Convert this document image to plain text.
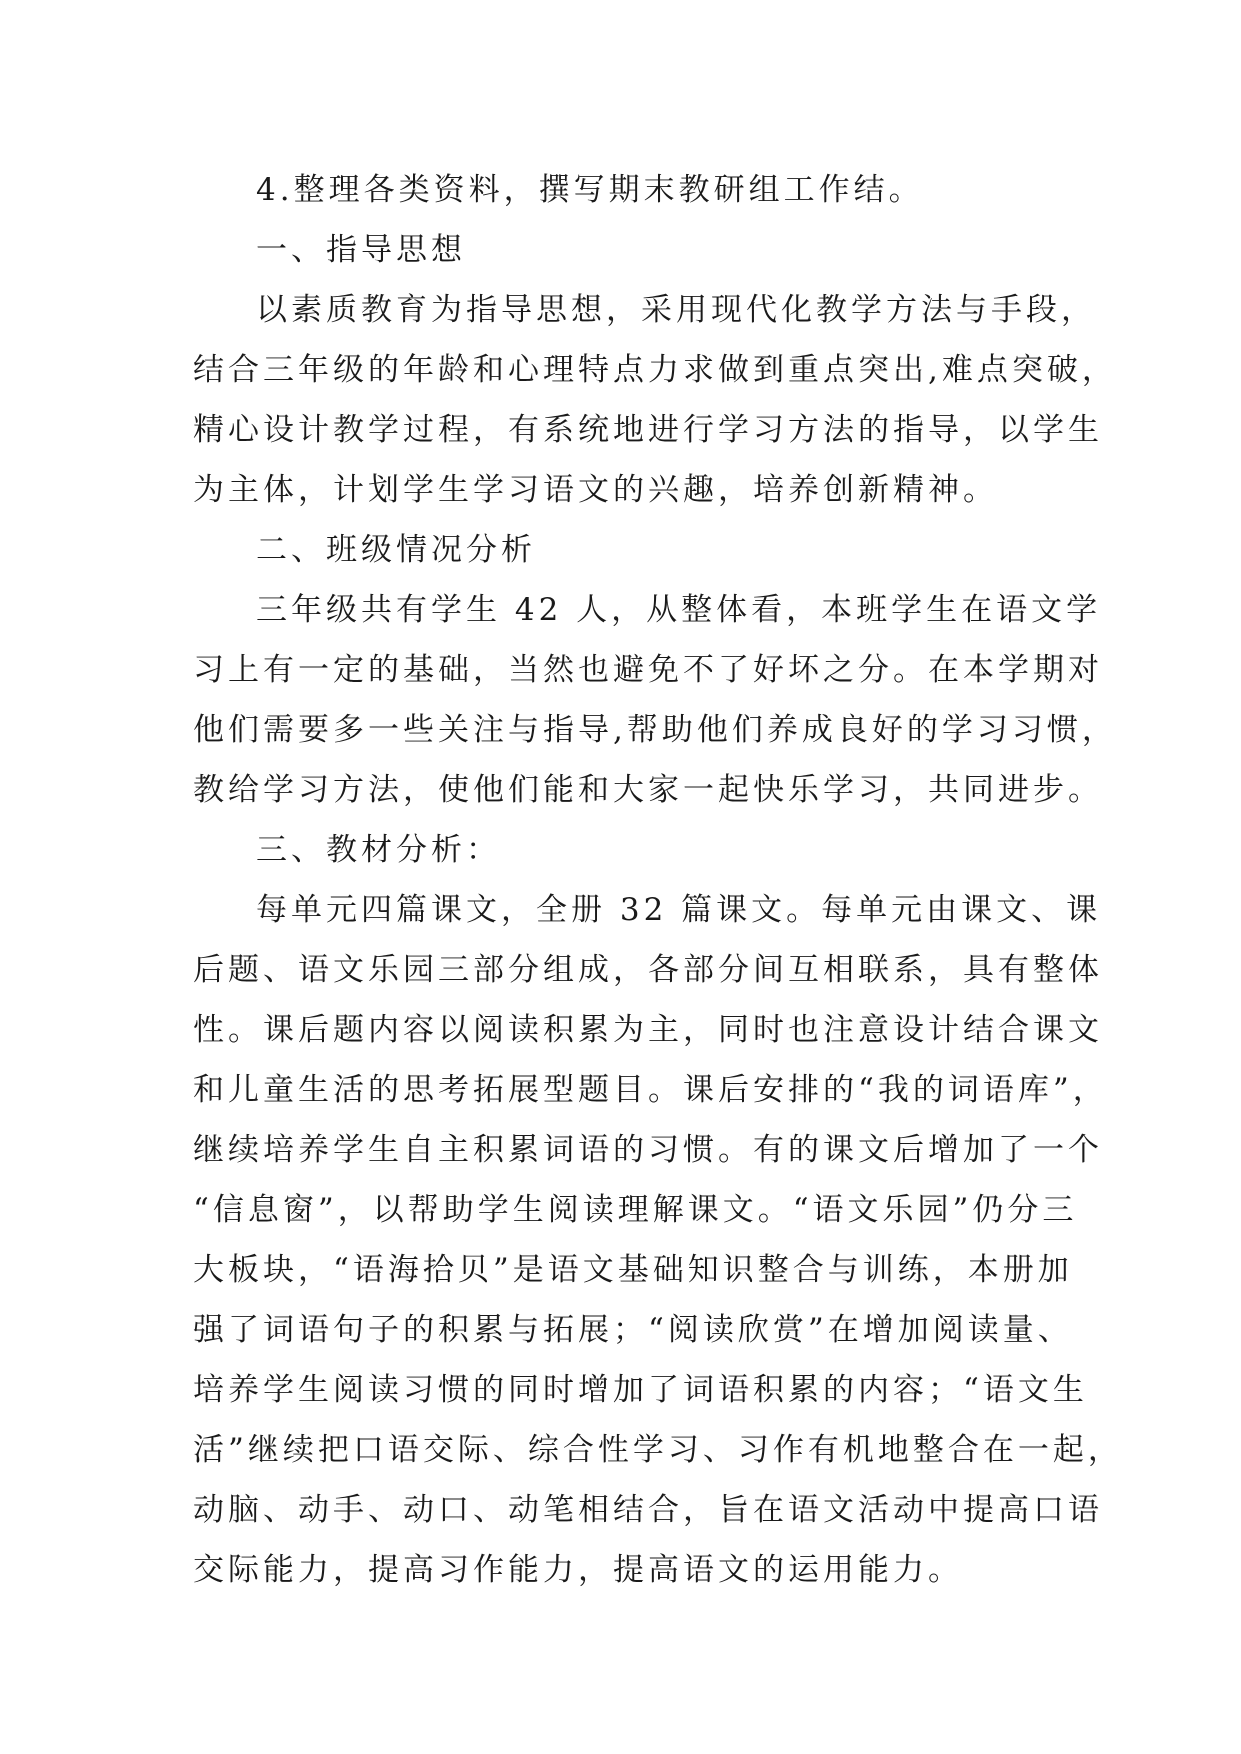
4.整理各类资料，撰写期末教研组工作结。
一、指导思想
以素质教育为指导思想，采用现代化教学方法与手段，
结合三年级的年龄和心理特点力求做到重点突出,难点突破，
精心设计教学过程，有系统地进行学习方法的指导，以学生
为主体，计划学生学习语文的兴趣，培养创新精神。
二、班级情况分析
三年级共有学生 42 人，从整体看，本班学生在语文学
习上有一定的基础，当然也避免不了好坏之分。在本学期对
他们需要多一些关注与指导,帮助他们养成良好的学习习惯，
教给学习方法，使他们能和大家一起快乐学习，共同进步。
三、教材分析：
每单元四篇课文，全册 32 篇课文。每单元由课文、课
后题、语文乐园三部分组成，各部分间互相联系，具有整体
性。课后题内容以阅读积累为主，同时也注意设计结合课文
和儿童生活的思考拓展型题目。课后安排的“我的词语库”，
继续培养学生自主积累词语的习惯。有的课文后增加了一个
“信息窗”，以帮助学生阅读理解课文。“语文乐园”仍分三
大板块，“语海拾贝”是语文基础知识整合与训练，本册加
强了词语句子的积累与拓展；“阅读欣赏”在增加阅读量、
培养学生阅读习惯的同时增加了词语积累的内容；“语文生
活”继续把口语交际、综合性学习、习作有机地整合在一起，
动脑、动手、动口、动笔相结合，旨在语文活动中提高口语
交际能力，提高习作能力，提高语文的运用能力。
